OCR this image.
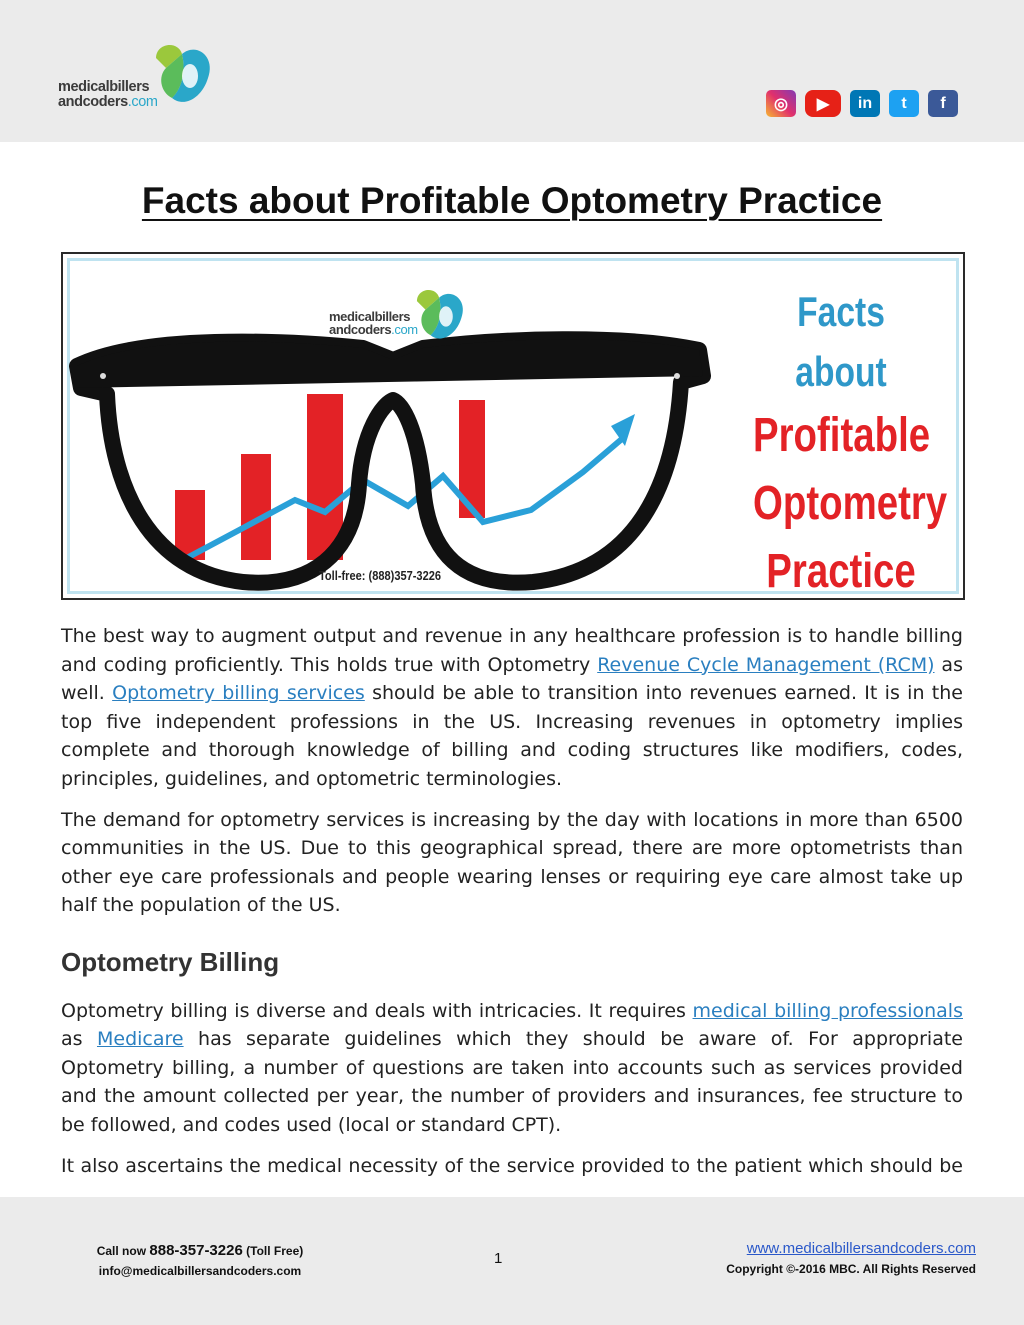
medicalbillers
andcoders.com	◎	▶	in	t	f
Facts about Profitable Optometry Practice
medicalbillers
andcoders.com	Facts about
Profitable
Optometry
Practice
Toll-free: (888)357-3226

The best way to augment output and revenue in any healthcare profession is to handle billing and coding proficiently. This holds true with Optometry Revenue Cycle Management (RCM) as well. Optometry billing services should be able to transition into revenues earned. It is in the top five independent professions in the US. Increasing revenues in optometry implies complete and thorough knowledge of billing and coding structures like modifiers, codes, principles, guidelines, and optometric terminologies.

The demand for optometry services is increasing by the day with locations in more than 6500 communities in the US. Due to this geographical spread, there are more optometrists than other eye care professionals and people wearing lenses or requiring eye care almost take up half the population of the US.

Optometry Billing

Optometry billing is diverse and deals with intricacies. It requires medical billing professionals as Medicare has separate guidelines which they should be aware of. For appropriate Optometry billing, a number of questions are taken into accounts such as services provided and the amount collected per year, the number of providers and insurances, fee structure to be followed, and codes used (local or standard CPT).

It also ascertains the medical necessity of the service provided to the patient which should be

Call now 888-357-3226 (Toll Free)
info@medicalbillersandcoders.com
1
www.medicalbillersandcoders.com
Copyright ©-2016 MBC. All Rights Reserved
